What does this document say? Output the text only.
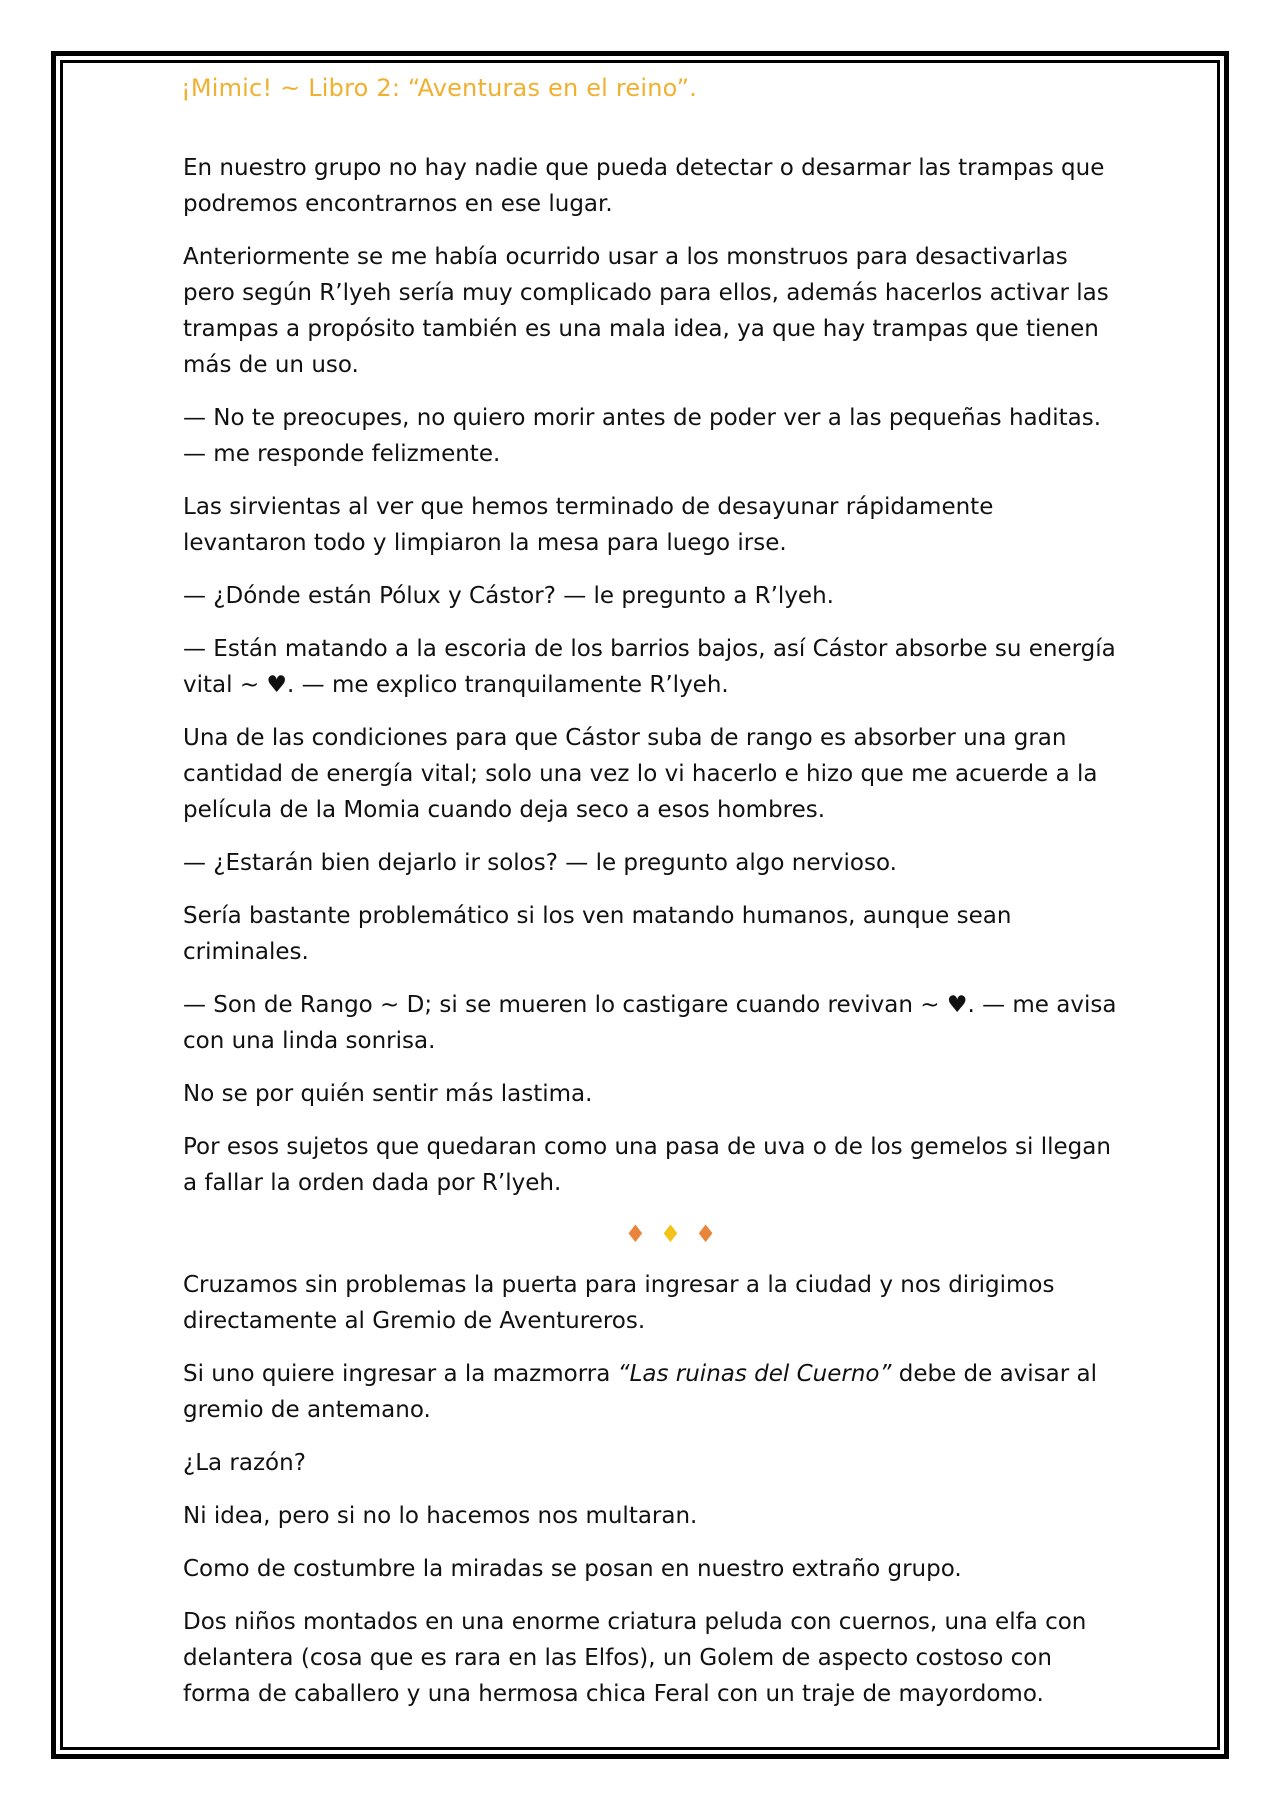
¡Mimic! ~ Libro 2: “Aventuras en el reino”.

En nuestro grupo no hay nadie que pueda detectar o desarmar las trampas que podremos encontrarnos en ese lugar.

Anteriormente se me había ocurrido usar a los monstruos para desactivarlas pero según R’lyeh sería muy complicado para ellos, además hacerlos activar las trampas a propósito también es una mala idea, ya que hay trampas que tienen más de un uso.

— No te preocupes, no quiero morir antes de poder ver a las pequeñas haditas. — me responde felizmente.

Las sirvientas al ver que hemos terminado de desayunar rápidamente levantaron todo y limpiaron la mesa para luego irse.

— ¿Dónde están Pólux y Cástor? — le pregunto a R’lyeh.

— Están matando a la escoria de los barrios bajos, así Cástor absorbe su energía vital ~ ♥. — me explico tranquilamente R’lyeh.

Una de las condiciones para que Cástor suba de rango es absorber una gran cantidad de energía vital; solo una vez lo vi hacerlo e hizo que me acuerde a la película de la Momia cuando deja seco a esos hombres.

— ¿Estarán bien dejarlo ir solos? — le pregunto algo nervioso.

Sería bastante problemático si los ven matando humanos, aunque sean criminales.

— Son de Rango ~ D; si se mueren lo castigare cuando revivan ~ ♥. — me avisa con una linda sonrisa.

No se por quién sentir más lastima.

Por esos sujetos que quedaran como una pasa de uva o de los gemelos si llegan a fallar la orden dada por R’lyeh.

♦ ♦ ♦

Cruzamos sin problemas la puerta para ingresar a la ciudad y nos dirigimos directamente al Gremio de Aventureros.

Si uno quiere ingresar a la mazmorra “Las ruinas del Cuerno” debe de avisar al gremio de antemano.

¿La razón?

Ni idea, pero si no lo hacemos nos multaran.

Como de costumbre la miradas se posan en nuestro extraño grupo.

Dos niños montados en una enorme criatura peluda con cuernos, una elfa con delantera (cosa que es rara en las Elfos), un Golem de aspecto costoso con forma de caballero y una hermosa chica Feral con un traje de mayordomo.
